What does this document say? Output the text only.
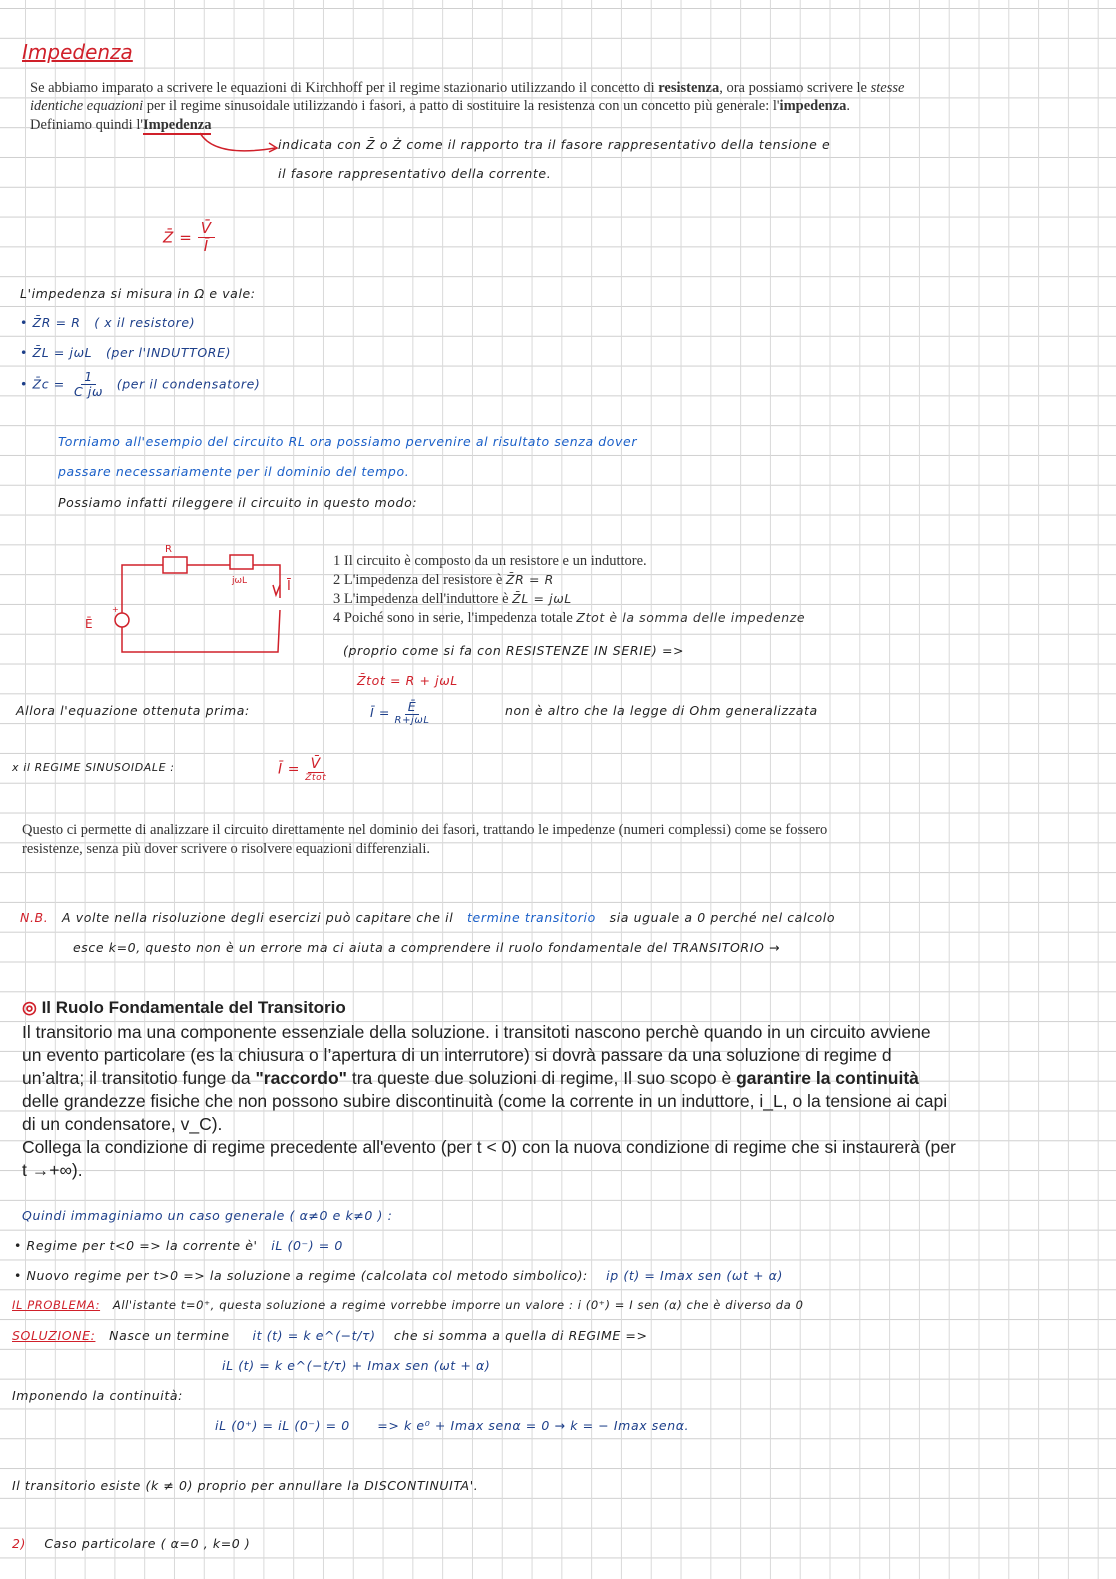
Impedenza
Se abbiamo imparato a scrivere le equazioni di Kirchhoff per il regime stazionario utilizzando il concetto di resistenza, ora possiamo scrivere le stesse
identiche equazioni per il regime sinusoidale utilizzando i fasori, a patto di sostituire la resistenza con un concetto più generale: l'impedenza.
Definiamo quindi l'Impedenza
indicata con Z̄ o Ż come il rapporto tra il fasore rappresentativo della tensione e
il fasore rappresentativo della corrente.
Z̄ = $\frac{V̄}{Ī}$
L'impedenza si misura in Ω e vale:
• Z̄R = R ( x il resistore)
• Z̄L = jωL (per l'INDUTTORE)
• Z̄c = $\frac{1}{\text{C jω}} (per$ il condensatore)
Torniamo all'esempio del circuito RL ora possiamo pervenire al risultato senza dover
passare necessariamente per il dominio del tempo.
Possiamo infatti rileggere il circuito in questo modo:
R
jωL	Ī
Ē
+
1 Il circuito è composto da un resistore e un induttore.
2 L'impedenza del resistore è Z̄R = R
3 L'impedenza dell'induttore è Z̄L = jωL
4 Poiché sono in serie, l'impedenza totale Ztot è la somma delle impedenze
(proprio come si fa con RESISTENZE IN SERIE) =>
Z̄tot = R + jωL
Allora l'equazione ottenuta prima:	Ī = $\frac{Ē}{\text{R+jωL}}$	non è altro che la legge di Ohm generalizzata
x il REGIME SINUSOIDALE :	Ī = $\frac{V̄}{\text{Z̄tot}}$
Questo ci permette di analizzare il circuito direttamente nel dominio dei fasori, trattando le impedenze (numeri complessi) come se fossero
resistenze, senza più dover scrivere o risolvere equazioni differenziali.
N.B. A volte nella risoluzione degli esercizi può capitare che il termine transitorio sia uguale a 0 perché nel calcolo
esce k=0, questo non è un errore ma ci aiuta a comprendere il ruolo fondamentale del TRANSITORIO →
◎ Il Ruolo Fondamentale del Transitorio
Il transitorio ma una componente essenziale della soluzione. i transitoti nascono perchè quando in un circuito avviene
un evento particolare (es la chiusura o l’apertura di un interrutore) si dovrà passare da una soluzione di regime d
un’altra; il transitotio funge da "raccordo" tra queste due soluzioni di regime, Il suo scopo è garantire la continuità
delle grandezze fisiche che non possono subire discontinuità (come la corrente in un induttore, i_L, o la tensione ai capi
di un condensatore, v_C).
Collega la condizione di regime precedente all'evento (per t < 0) con la nuova condizione di regime che si instaurerà (per
t →+∞).
Quindi immaginiamo un caso generale ( α≠0 e k≠0 ) :
• Regime per t<0 => la corrente è' iL (0⁻) = 0
• Nuovo regime per t>0 => la soluzione a regime (calcolata col metodo simbolico): ip (t) = Imax sen (ωt + α)
IL PROBLEMA: All'istante t=0⁺, questa soluzione a regime vorrebbe imporre un valore : i (0⁺) = I sen (α) che è diverso da 0
SOLUZIONE: Nasce un termine it (t) = k e^(−t/τ) che si somma a quella di REGIME =>
iL (t) = k e^(−t/τ) + Imax sen (ωt + α)
Imponendo la continuità:
iL (0⁺) = iL (0⁻) = 0 => k e⁰ + Imax senα = 0 → k = − Imax senα.
Il transitorio esiste (k ≠ 0) proprio per annullare la DISCONTINUITA'.
2) Caso particolare ( α=0 , k=0 )
